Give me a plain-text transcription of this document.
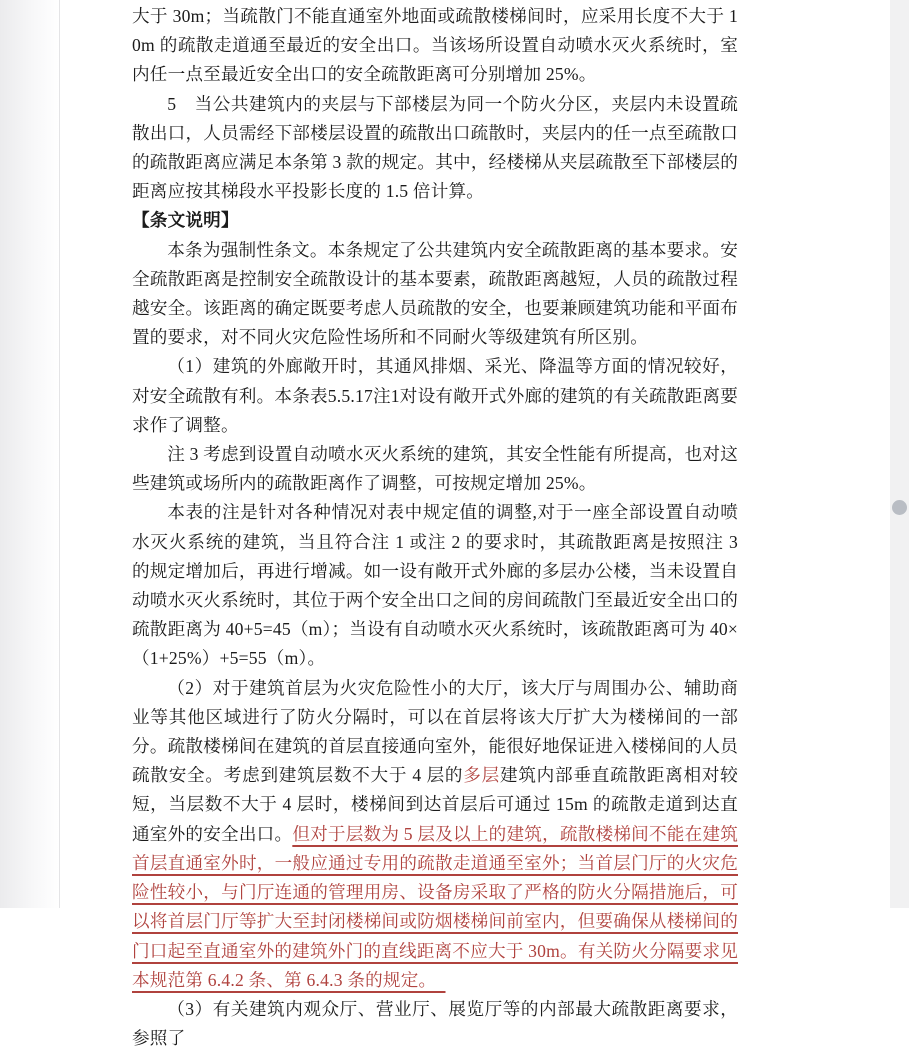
大于 30m；当疏散门不能直通室外地面或疏散楼梯间时，应采用长度不大于 10m 的疏散走道通至最近的安全出口。当该场所设置自动喷水灭火系统时，室内任一点至最近安全出口的安全疏散距离可分别增加 25%。

5　当公共建筑内的夹层与下部楼层为同一个防火分区，夹层内未设置疏散出口，人员需经下部楼层设置的疏散出口疏散时，夹层内的任一点至疏散口的疏散距离应满足本条第 3 款的规定。其中，经楼梯从夹层疏散至下部楼层的距离应按其梯段水平投影长度的 1.5 倍计算。

【条文说明】

本条为强制性条文。本条规定了公共建筑内安全疏散距离的基本要求。安全疏散距离是控制安全疏散设计的基本要素，疏散距离越短，人员的疏散过程越安全。该距离的确定既要考虑人员疏散的安全，也要兼顾建筑功能和平面布置的要求，对不同火灾危险性场所和不同耐火等级建筑有所区别。

（1）建筑的外廊敞开时，其通风排烟、采光、降温等方面的情况较好，对安全疏散有利。本条表5.5.17注1对设有敞开式外廊的建筑的有关疏散距离要求作了调整。

注 3 考虑到设置自动喷水灭火系统的建筑，其安全性能有所提高，也对这些建筑或场所内的疏散距离作了调整，可按规定增加 25%。

本表的注是针对各种情况对表中规定值的调整,对于一座全部设置自动喷水灭火系统的建筑，当且符合注 1 或注 2 的要求时，其疏散距离是按照注 3 的规定增加后，再进行增减。如一设有敞开式外廊的多层办公楼，当未设置自动喷水灭火系统时，其位于两个安全出口之间的房间疏散门至最近安全出口的疏散距离为 40+5=45（m）；当设有自动喷水灭火系统时，该疏散距离可为 40×（1+25%）+5=55（m）。

（2）对于建筑首层为火灾危险性小的大厅，该大厅与周围办公、辅助商业等其他区域进行了防火分隔时，可以在首层将该大厅扩大为楼梯间的一部分。疏散楼梯间在建筑的首层直接通向室外，能很好地保证进入楼梯间的人员疏散安全。考虑到建筑层数不大于 4 层的多层建筑内部垂直疏散距离相对较短，当层数不大于 4 层时，楼梯间到达首层后可通过 15m 的疏散走道到达直通室外的安全出口。但对于层数为 5 层及以上的建筑，疏散楼梯间不能在建筑首层直通室外时，一般应通过专用的疏散走道通至室外；当首层门厅的火灾危险性较小，与门厅连通的管理用房、设备房采取了严格的防火分隔措施后，可以将首层门厅等扩大至封闭楼梯间或防烟楼梯间前室内，但要确保从楼梯间的门口起至直通室外的建筑外门的直线距离不应大于 30m。有关防火分隔要求见本规范第 6.4.2 条、第 6.4.3 条的规定。

（3）有关建筑内观众厅、营业厅、展览厅等的内部最大疏散距离要求，参照了
